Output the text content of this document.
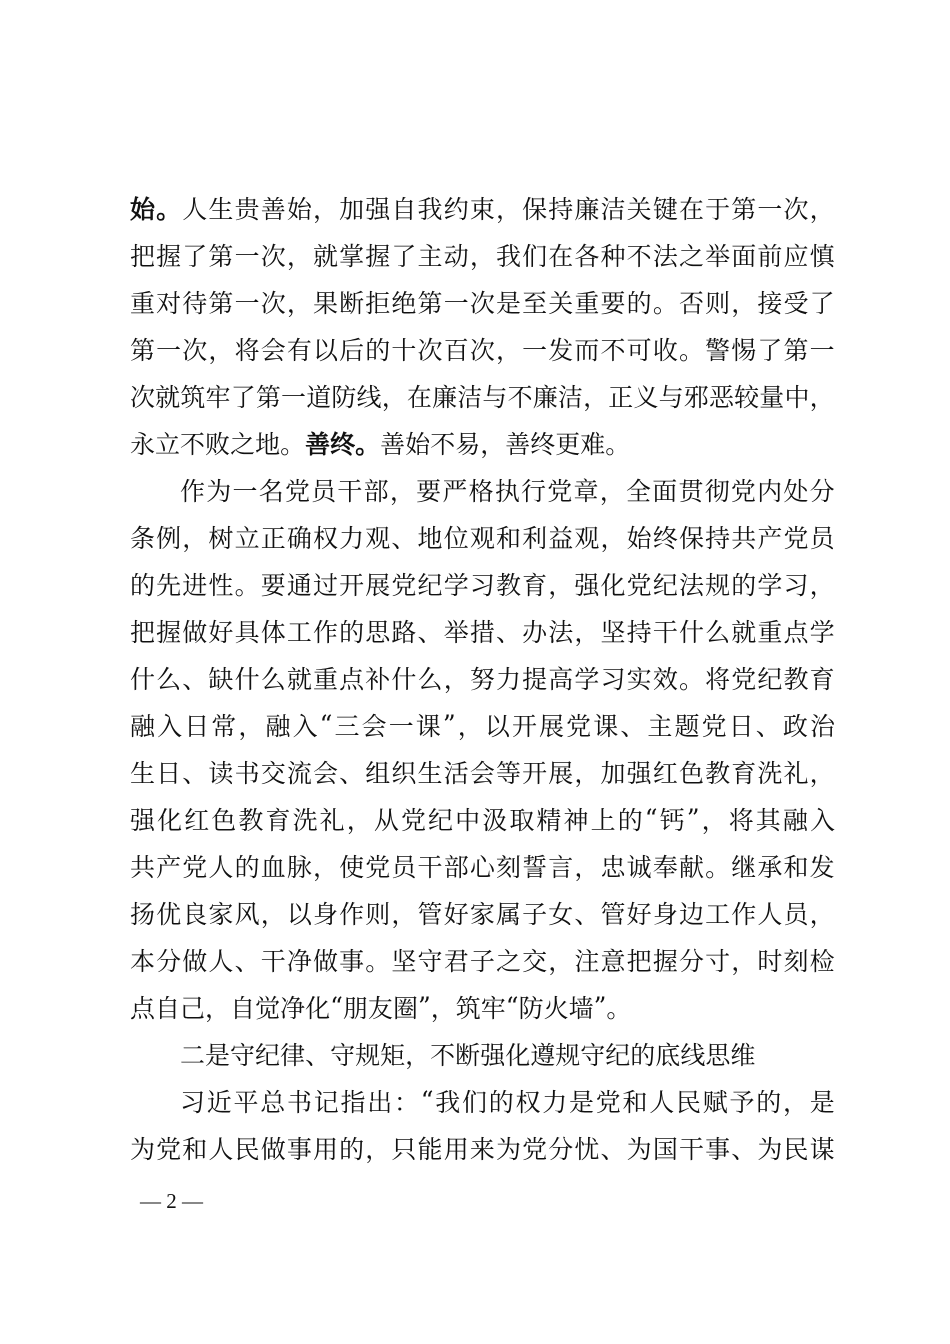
始 。 人 生 贵 善 始 ， 加 强 自 我 约 束 ， 保 持 廉 洁 关 键 在 于 第 一 次 ，
把 握 了 第 一 次 ， 就 掌 握 了 主 动 ， 我 们 在 各 种 不 法 之 举 面 前 应 慎
重 对 待 第 一 次 ， 果 断 拒 绝 第 一 次 是 至 关 重 要 的 。 否 则 ， 接 受 了
第 一 次 ， 将 会 有 以 后 的 十 次 百 次 ， 一 发 而 不 可 收 。 警 惕 了 第 一
次 就 筑 牢 了 第 一 道 防 线 ， 在 廉 洁 与 不 廉 洁 ， 正 义 与 邪 恶 较 量 中 ，
永 立 不 败 之 地 。 善 终 。 善 始 不 易 ， 善 终 更 难 。
作 为 一 名 党 员 干 部 ， 要 严 格 执 行 党 章 ， 全 面 贯 彻 党 内 处 分
条 例 ， 树 立 正 确 权 力 观 、 地 位 观 和 利 益 观 ， 始 终 保 持 共 产 党 员
的 先 进 性 。 要 通 过 开 展 党 纪 学 习 教 育 ， 强 化 党 纪 法 规 的 学 习 ，
把 握 做 好 具 体 工 作 的 思 路 、 举 措 、 办 法 ， 坚 持 干 什 么 就 重 点 学
什 么 、 缺 什 么 就 重 点 补 什 么 ， 努 力 提 高 学 习 实 效 。 将 党 纪 教 育
融 入 日 常 ， 融 入 “ 三 会 一 课 ” ， 以 开 展 党 课 、 主 题 党 日 、 政 治
生 日 、 读 书 交 流 会 、 组 织 生 活 会 等 开 展 ， 加 强 红 色 教 育 洗 礼 ，
强 化 红 色 教 育 洗 礼 ， 从 党 纪 中 汲 取 精 神 上 的 “ 钙 ” ， 将 其 融 入
共 产 党 人 的 血 脉 ， 使 党 员 干 部 心 刻 誓 言 ， 忠 诚 奉 献 。 继 承 和 发
扬 优 良 家 风 ， 以 身 作 则 ， 管 好 家 属 子 女 、 管 好 身 边 工 作 人 员 ，
本 分 做 人 、 干 净 做 事 。 坚 守 君 子 之 交 ， 注 意 把 握 分 寸 ， 时 刻 检
点 自 己 ， 自 觉 净 化 “ 朋 友 圈 ” ， 筑 牢 “ 防 火 墙 ” 。
二 是 守 纪 律 、 守 规 矩 ， 不 断 强 化 遵 规 守 纪 的 底 线 思 维
习 近 平 总 书 记 指 出 ： “ 我 们 的 权 力 是 党 和 人 民 赋 予 的 ， 是
为 党 和 人 民 做 事 用 的 ， 只 能 用 来 为 党 分 忧 、 为 国 干 事 、 为 民 谋
— 2 —
